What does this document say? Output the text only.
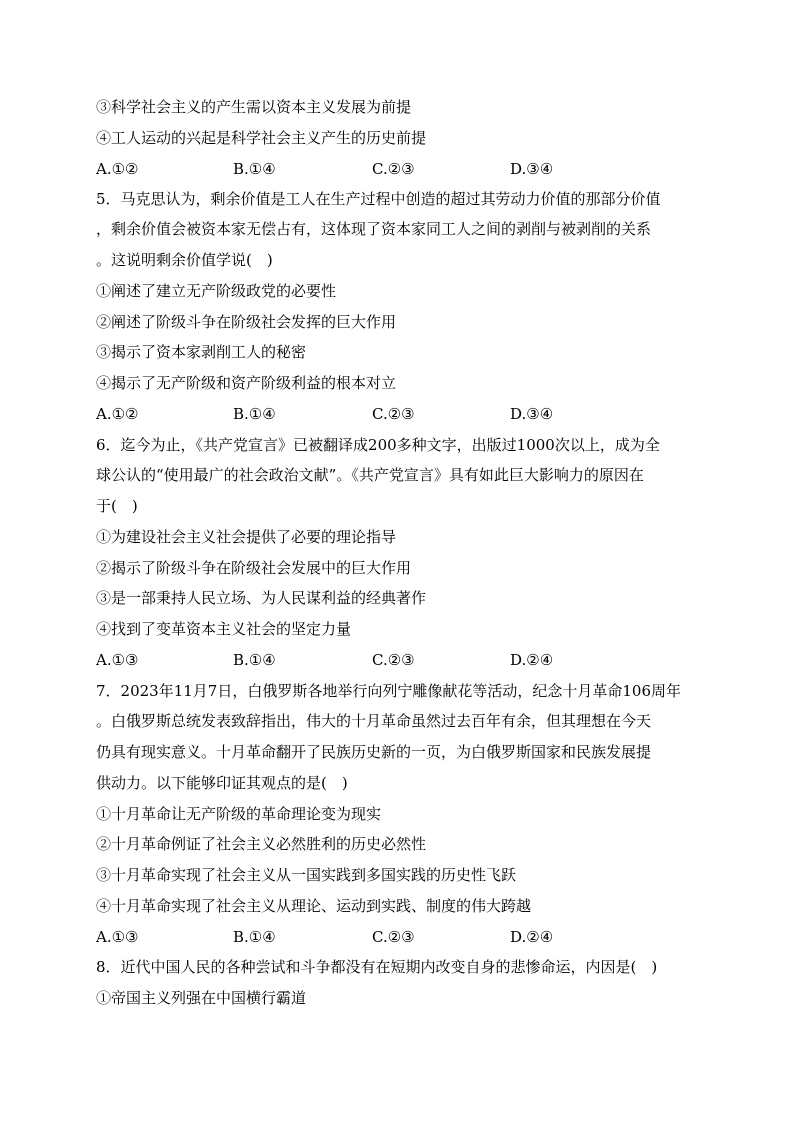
③科学社会主义的产生需以资本主义发展为前提
④工人运动的兴起是科学社会主义产生的历史前提
A.①②	B.①④	C.②③	D.③④
5．马克思认为，剩余价值是工人在生产过程中创造的超过其劳动力价值的那部分价值
，剩余价值会被资本家无偿占有，这体现了资本家同工人之间的剥削与被剥削的关系
。这说明剩余价值学说(　)
①阐述了建立无产阶级政党的必要性
②阐述了阶级斗争在阶级社会发挥的巨大作用
③揭示了资本家剥削工人的秘密
④揭示了无产阶级和资产阶级利益的根本对立
A.①②	B.①④	C.②③	D.③④
6．迄今为止，《共产党宣言》已被翻译成200多种文字，出版过1000次以上，成为全
球公认的“使用最广的社会政治文献”。《共产党宣言》具有如此巨大影响力的原因在
于(　)
①为建设社会主义社会提供了必要的理论指导
②揭示了阶级斗争在阶级社会发展中的巨大作用
③是一部秉持人民立场、为人民谋利益的经典著作
④找到了变革资本主义社会的坚定力量
A.①③	B.①④	C.②③	D.②④
7．2023年11月7日，白俄罗斯各地举行向列宁雕像献花等活动，纪念十月革命106周年
。白俄罗斯总统发表致辞指出，伟大的十月革命虽然过去百年有余，但其理想在今天
仍具有现实意义。十月革命翻开了民族历史新的一页，为白俄罗斯国家和民族发展提
供动力。以下能够印证其观点的是(　)
①十月革命让无产阶级的革命理论变为现实
②十月革命例证了社会主义必然胜利的历史必然性
③十月革命实现了社会主义从一国实践到多国实践的历史性飞跃
④十月革命实现了社会主义从理论、运动到实践、制度的伟大跨越
A.①③	B.①④	C.②③	D.②④
8．近代中国人民的各种尝试和斗争都没有在短期内改变自身的悲惨命运，内因是(　)
①帝国主义列强在中国横行霸道
